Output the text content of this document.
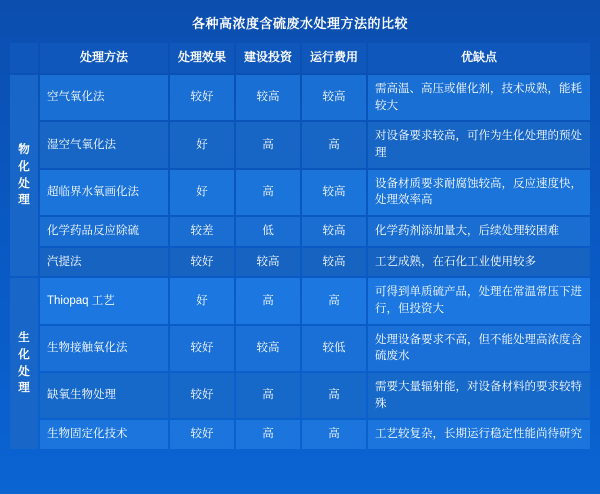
各种高浓度含硫废水处理方法的比较
	处理方法	处理效果	建设投资	运行费用	优缺点

物
化
处
理	空气氧化法	较好	较高	较高	需高温、高压或催化剂，技术成熟，能耗较大
	湿空气氧化法	好	高	高	对设备要求较高，可作为生化处理的预处理
	超临界水氧画化法	好	高	较高	设备材质要求耐腐蚀较高，反应速度快，处理效率高
	化学药品反应除硫	较差	低	较高	化学药剂添加量大，后续处理较困难
	汽提法	较好	较高	较高	工艺成熟，在石化工业使用较多

生
化
处
理	Thiopaq 工艺	好	高	高	可得到单质硫产品，处理在常温常压下进行，但投资大
	生物接触氧化法	较好	较高	较低	处理设备要求不高，但不能处理高浓度含硫废水
	缺氧生物处理	较好	高	高	需要大量辐射能，对设备材料的要求较特殊
	生物固定化技术	较好	高	高	工艺较复杂，长期运行稳定性能尚待研究
